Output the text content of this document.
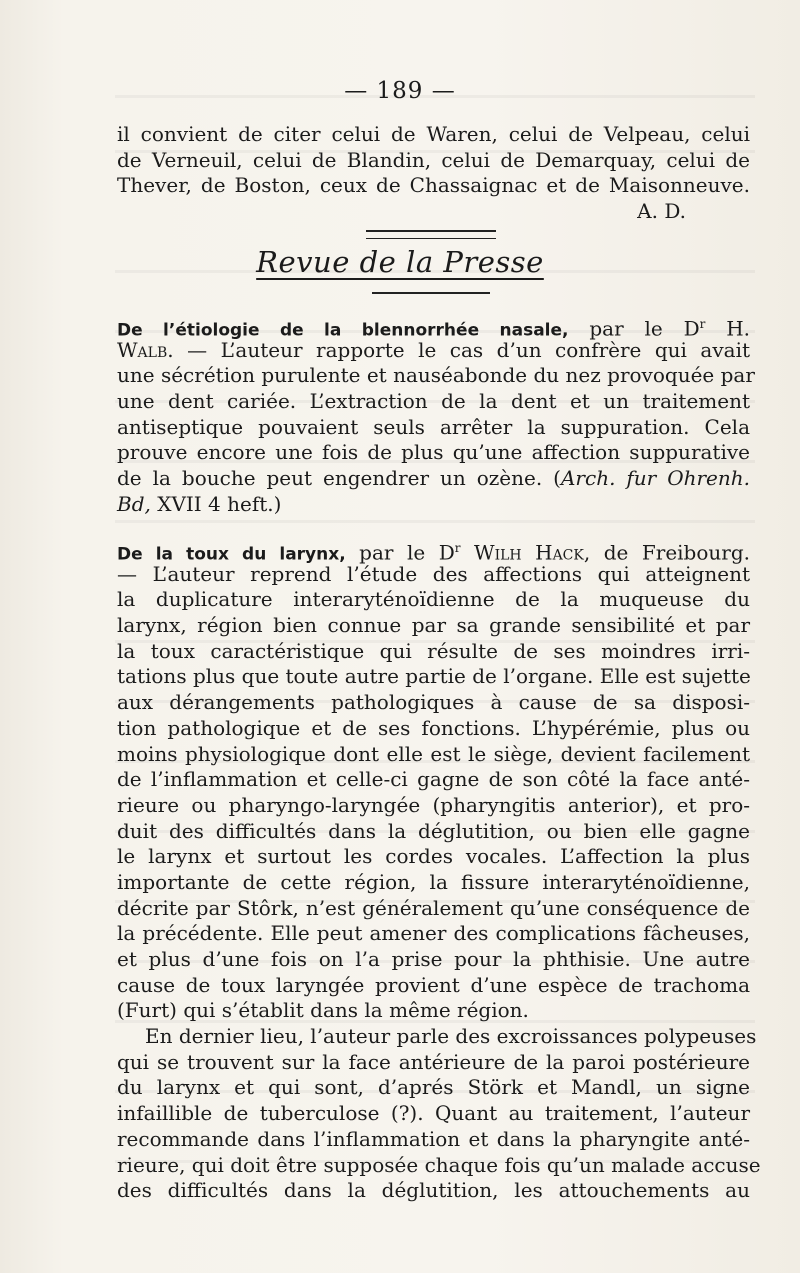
— 189 —
il convient de citer celui de Waren, celui de Velpeau, celui
de Verneuil, celui de Blandin, celui de Demarquay, celui de
Thever, de Boston, ceux de Chassaignac et de Maisonneuve.
A. D.
Revue de la Presse
De l’étiologie de la blennorrhée nasale, par le $D^r$ H.
Walb. — L’auteur rapporte le cas d’un confrère qui avait
une sécrétion purulente et nauséabonde du nez provoquée par
une dent cariée. L’extraction de la dent et un traitement
antiseptique pouvaient seuls arrêter la suppuration. Cela
prouve encore une fois de plus qu’une affection suppurative
de la bouche peut engendrer un ozène. (Arch. fur Ohrenh.
Bd, XVII 4 heft.)
De la toux du larynx, par le $D^r$ Wilh Hack, de Freibourg.
— L’auteur reprend l’étude des affections qui atteignent
la duplicature interaryténoïdienne de la muqueuse du
larynx, région bien connue par sa grande sensibilité et par
la toux caractéristique qui résulte de ses moindres irri-
tations plus que toute autre partie de l’organe. Elle est sujette
aux dérangements pathologiques à cause de sa disposi-
tion pathologique et de ses fonctions. L’hypérémie, plus ou
moins physiologique dont elle est le siège, devient facilement
de l’inflammation et celle-ci gagne de son côté la face anté-
rieure ou pharyngo-laryngée (pharyngitis anterior), et pro-
duit des difficultés dans la déglutition, ou bien elle gagne
le larynx et surtout les cordes vocales. L’affection la plus
importante de cette région, la fissure interaryténoïdienne,
décrite par Stôrk, n’est généralement qu’une conséquence de
la précédente. Elle peut amener des complications fâcheuses,
et plus d’une fois on l’a prise pour la phthisie. Une autre
cause de toux laryngée provient d’une espèce de trachoma
(Furt) qui s’établit dans la même région.
En dernier lieu, l’auteur parle des excroissances polypeuses
qui se trouvent sur la face antérieure de la paroi postérieure
du larynx et qui sont, d’aprés Störk et Mandl, un signe
infaillible de tuberculose (?). Quant au traitement, l’auteur
recommande dans l’inflammation et dans la pharyngite anté-
rieure, qui doit être supposée chaque fois qu’un malade accuse
des difficultés dans la déglutition, les attouchements au
